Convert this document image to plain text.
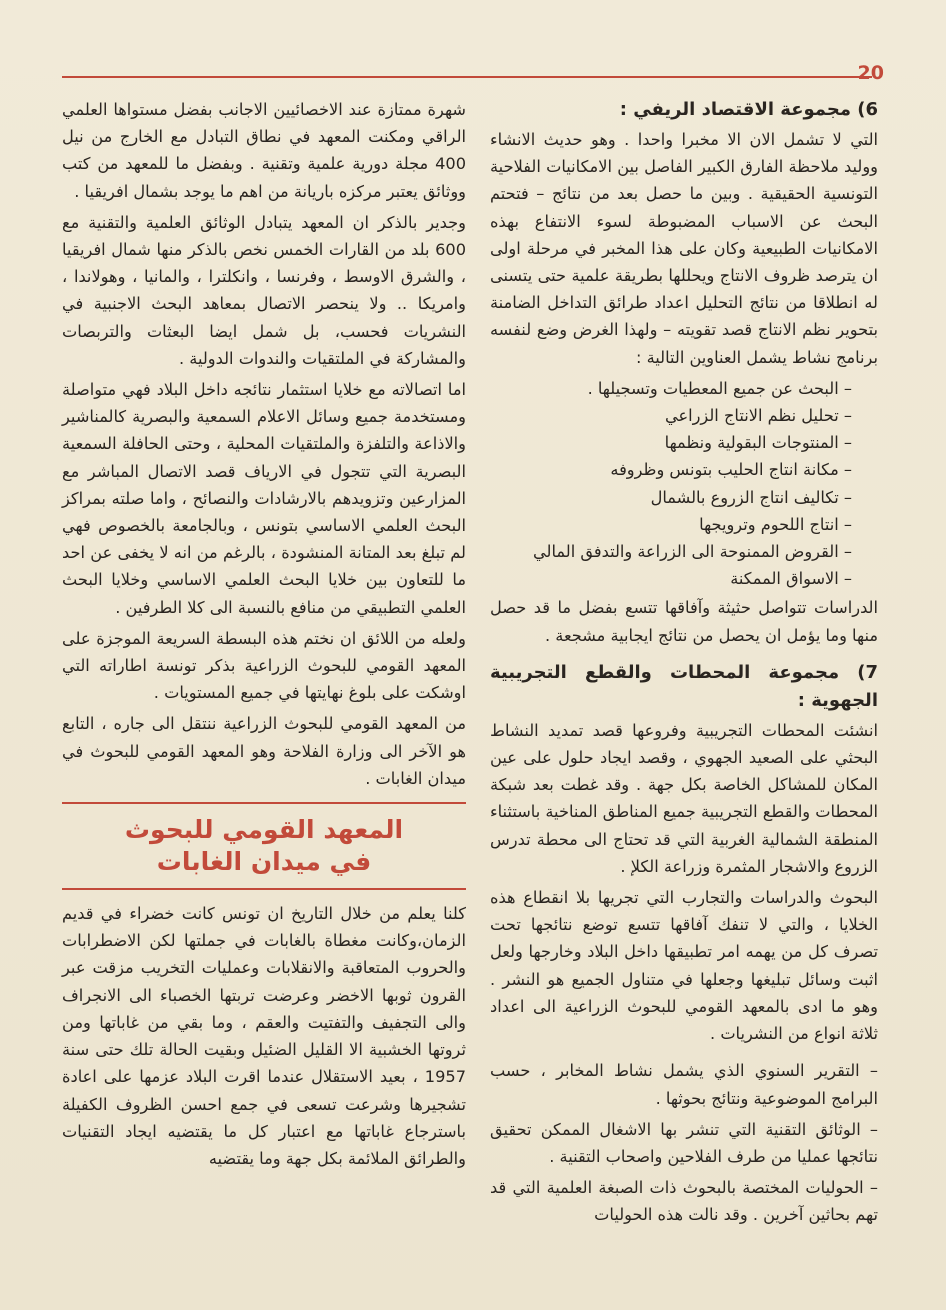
20
6) مجموعة الاقتصاد الريفي :

التي لا تشمل الان الا مخبرا واحدا . وهو حديث الانشاء ووليد ملاحظة الفارق الكبير الفاصل بين الامكانيات الفلاحية التونسية الحقيقية . وبين ما حصل بعد من نتائج – فتحتم البحث عن الاسباب المضبوطة لسوء الانتفاع بهذه الامكانيات الطبيعية وكان على هذا المخبر في مرحلة اولى ان يترصد ظروف الانتاج ويحللها بطريقة علمية حتى يتسنى له انطلاقا من نتائج التحليل اعداد طرائق التداخل الضامنة بتحوير نظم الانتاج قصد تقويته – ولهذا الغرض وضع لنفسه برنامج نشاط يشمل العناوين التالية :

– البحث عن جميع المعطيات وتسجيلها .
– تحليل نظم الانتاج الزراعي
– المنتوجات البقولية ونظمها
– مكانة انتاج الحليب بتونس وظروفه
– تكاليف انتاج الزروع بالشمال
– انتاج اللحوم وترويجها
– القروض الممنوحة الى الزراعة والتدفق المالي
– الاسواق الممكنة

الدراسات تتواصل حثيثة وآفاقها تتسع بفضل ما قد حصل منها وما يؤمل ان يحصل من نتائج ايجابية مشجعة .

7) مجموعة المحطات والقطع التجريبية الجهوية :

انشئت المحطات التجريبية وفروعها قصد تمديد النشاط البحثي على الصعيد الجهوي ، وقصد ايجاد حلول على عين المكان للمشاكل الخاصة بكل جهة . وقد غطت بعد شبكة المحطات والقطع التجريبية جميع المناطق المناخية باستثناء المنطقة الشمالية الغربية التي قد تحتاج الى محطة تدرس الزروع والاشجار المثمرة وزراعة الكلإ .

البحوث والدراسات والتجارب التي تجريها بلا انقطاع هذه الخلايا ، والتي لا تنفك آفاقها تتسع توضع نتائجها تحت تصرف كل من يهمه امر تطبيقها داخل البلاد وخارجها ولعل اثبت وسائل تبليغها وجعلها في متناول الجميع هو النشر . وهو ما ادى بالمعهد القومي للبحوث الزراعية الى اعداد ثلاثة انواع من النشريات .

– التقرير السنوي الذي يشمل نشاط المخابر ، حسب البرامج الموضوعية ونتائج بحوثها .

– الوثائق التقنية التي تنشر بها الاشغال الممكن تحقيق نتائجها عمليا من طرف الفلاحين واصحاب التقنية .

– الحوليات المختصة بالبحوث ذات الصبغة العلمية التي قد تهم بحاثين آخرين . وقد نالت هذه الحوليات

شهرة ممتازة عند الاخصائيين الاجانب بفضل مستواها العلمي الراقي ومكنت المعهد في نطاق التبادل مع الخارج من نيل 400 مجلة دورية علمية وتقنية . وبفضل ما للمعهد من كتب ووثائق يعتبر مركزه باريانة من اهم ما يوجد بشمال افريقيا .

وجدير بالذكر ان المعهد يتبادل الوثائق العلمية والتقنية مع 600 بلد من القارات الخمس نخص بالذكر منها شمال افريقيا ، والشرق الاوسط ، وفرنسا ، وانكلترا ، والمانيا ، وهولاندا ، وامريكا .. ولا ينحصر الاتصال بمعاهد البحث الاجنبية في النشريات فحسب، بل شمل ايضا البعثات والتربصات والمشاركة في الملتقيات والندوات الدولية .

اما اتصالاته مع خلايا استثمار نتائجه داخل البلاد فهي متواصلة ومستخدمة جميع وسائل الاعلام السمعية والبصرية كالمناشير والاذاعة والتلفزة والملتقيات المحلية ، وحتى الحافلة السمعية البصرية التي تتجول في الارياف قصد الاتصال المباشر مع المزارعين وتزويدهم بالارشادات والنصائح ، واما صلته بمراكز البحث العلمي الاساسي بتونس ، وبالجامعة بالخصوص فهي لم تبلغ بعد المتانة المنشودة ، بالرغم من انه لا يخفى عن احد ما للتعاون بين خلايا البحث العلمي الاساسي وخلايا البحث العلمي التطبيقي من منافع بالنسبة الى كلا الطرفين .

ولعله من اللائق ان نختم هذه البسطة السريعة الموجزة على المعهد القومي للبحوث الزراعية بذكر تونسة اطاراته التي اوشكت على بلوغ نهايتها في جميع المستويات .

من المعهد القومي للبحوث الزراعية ننتقل الى جاره ، التابع هو الآخر الى وزارة الفلاحة وهو المعهد القومي للبحوث في ميدان الغابات .

المعهد القومي للبحوث
في ميدان الغابات

كلنا يعلم من خلال التاريخ ان تونس كانت خضراء في قديم الزمان،وكانت مغطاة بالغابات في جملتها لكن الاضطرابات والحروب المتعاقبة والانقلابات وعمليات التخريب مزقت عبر القرون ثوبها الاخضر وعرضت تربتها الخصباء الى الانجراف والى التجفيف والتفتيت والعقم ، وما بقي من غاباتها ومن ثروتها الخشبية الا القليل الضئيل وبقيت الحالة تلك حتى سنة 1957 ، بعيد الاستقلال عندما اقرت البلاد عزمها على اعادة تشجيرها وشرعت تسعى في جمع احسن الظروف الكفيلة باسترجاع غاباتها مع اعتبار كل ما يقتضيه ايجاد التقنيات والطرائق الملائمة بكل جهة وما يقتضيه
